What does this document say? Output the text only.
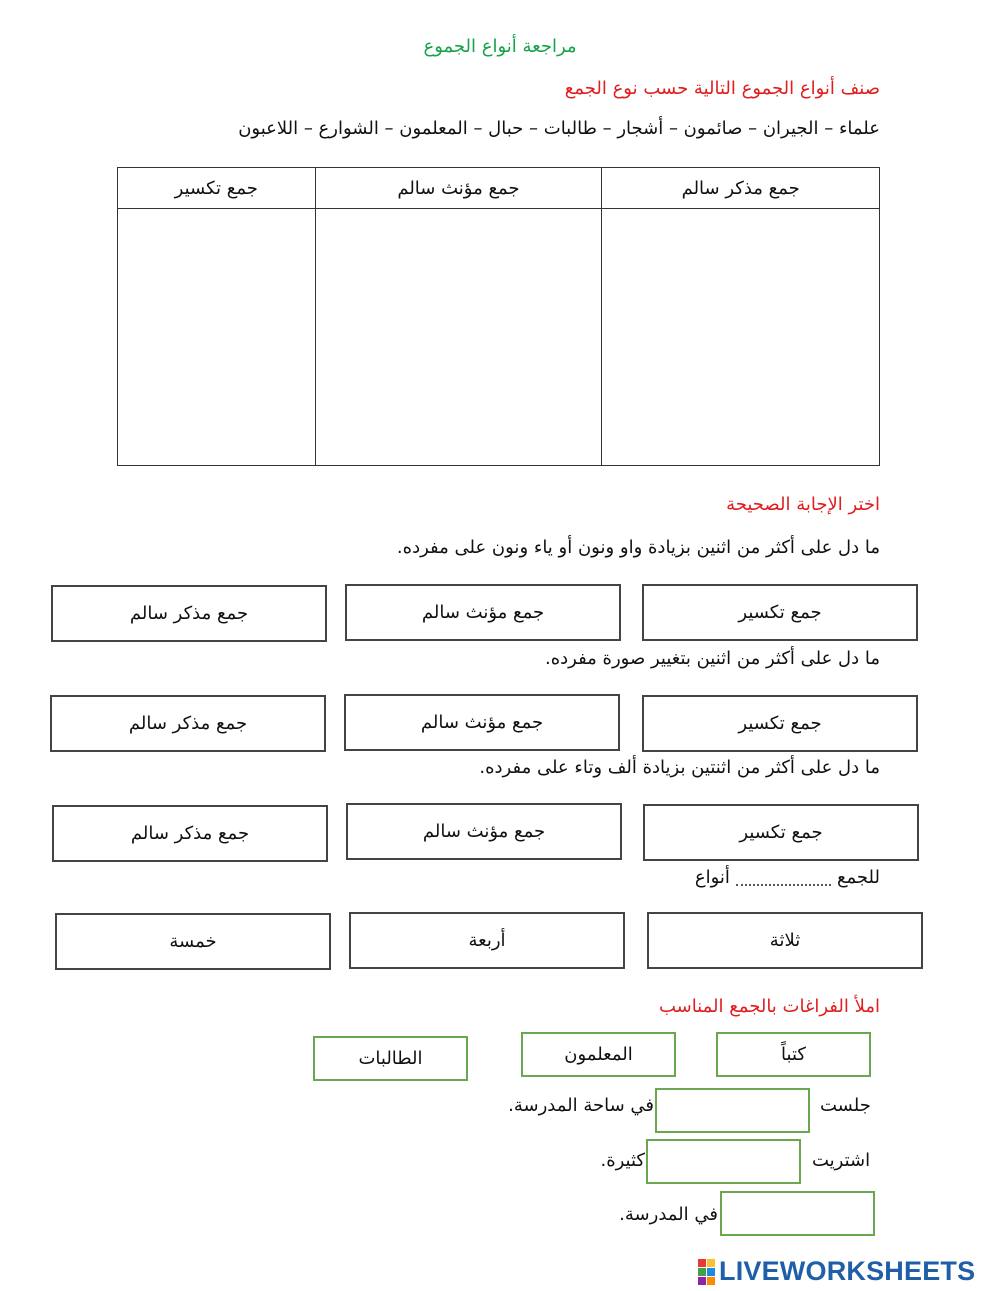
مراجعة أنواع الجموع
صنف أنواع الجموع التالية حسب نوع الجمع
علماء – الجيران – صائمون – أشجار – طالبات – حبال – المعلمون – الشوارع – اللاعبون
جمع مذكر سالم	جمع مؤنث سالم	جمع تكسير

اختر الإجابة الصحيحة
ما دل على أكثر من اثنين بزيادة واو ونون أو ياء ونون على مفرده.
جمع تكسير
جمع مؤنث سالم
جمع مذكر سالم
ما دل على أكثر من اثنين بتغيير صورة مفرده.
جمع تكسير
جمع مؤنث سالم
جمع مذكر سالم
ما دل على أكثر من اثنتين بزيادة ألف وتاء على مفرده.
جمع تكسير
جمع مؤنث سالم
جمع مذكر سالم
للجمعأنواع
ثلاثة
أربعة
خمسة
املأ الفراغات بالجمع المناسب
كتباً
المعلمون
الطالبات
جلست
في ساحة المدرسة.
اشتريت
كثيرة.
في المدرسة.
LIVEWORKSHEETS
